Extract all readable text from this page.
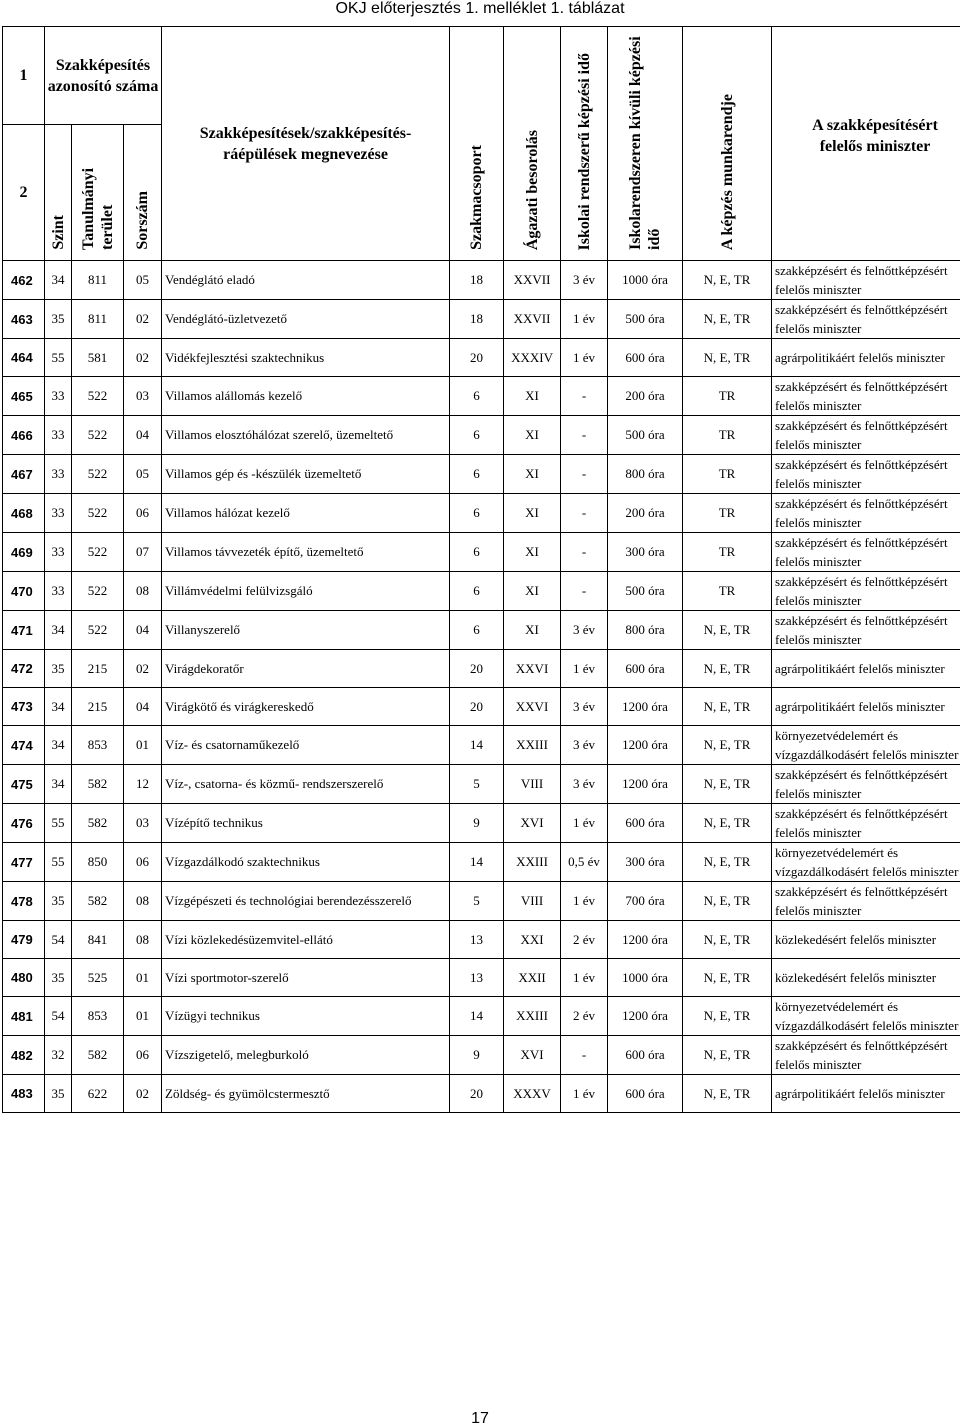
OKJ előterjesztés 1. melléklet 1. táblázat
1	Szakképesítés azonosító száma			Szakképesítések/szakképesítés-ráépülések megnevezése	Szakmacsoport	Ágazati besorolás	Iskolai rendszerű képzési idő	Iskolarendszeren kívüli képzési idő	A képzés munkarendje	A szakképesítésért felelős miniszter
2	Szint	Tanulmányi terület	Sorszám							
462	34	811	05	Vendéglátó eladó	18	XXVII	3 év	1000 óra	N, E, TR	szakképzésért és felnőttképzésért felelős miniszter
463	35	811	02	Vendéglátó-üzletvezető	18	XXVII	1 év	500 óra	N, E, TR	szakképzésért és felnőttképzésért felelős miniszter
464	55	581	02	Vidékfejlesztési szaktechnikus	20	XXXIV	1 év	600 óra	N, E, TR	agrárpolitikáért felelős miniszter
465	33	522	03	Villamos alállomás kezelő	6	XI	-	200 óra	TR	szakképzésért és felnőttképzésért felelős miniszter
466	33	522	04	Villamos elosztóhálózat szerelő, üzemeltető	6	XI	-	500 óra	TR	szakképzésért és felnőttképzésért felelős miniszter
467	33	522	05	Villamos gép és -készülék üzemeltető	6	XI	-	800 óra	TR	szakképzésért és felnőttképzésért felelős miniszter
468	33	522	06	Villamos hálózat kezelő	6	XI	-	200 óra	TR	szakképzésért és felnőttképzésért felelős miniszter
469	33	522	07	Villamos távvezeték építő, üzemeltető	6	XI	-	300 óra	TR	szakképzésért és felnőttképzésért felelős miniszter
470	33	522	08	Villámvédelmi felülvizsgáló	6	XI	-	500 óra	TR	szakképzésért és felnőttképzésért felelős miniszter
471	34	522	04	Villanyszerelő	6	XI	3 év	800 óra	N, E, TR	szakképzésért és felnőttképzésért felelős miniszter
472	35	215	02	Virágdekoratőr	20	XXVI	1 év	600 óra	N, E, TR	agrárpolitikáért felelős miniszter
473	34	215	04	Virágkötő és virágkereskedő	20	XXVI	3 év	1200 óra	N, E, TR	agrárpolitikáért felelős miniszter
474	34	853	01	Víz- és csatornaműkezelő	14	XXIII	3 év	1200 óra	N, E, TR	környezetvédelemért és vízgazdálkodásért felelős miniszter
475	34	582	12	Víz-, csatorna- és közmű- rendszerszerelő	5	VIII	3 év	1200 óra	N, E, TR	szakképzésért és felnőttképzésért felelős miniszter
476	55	582	03	Vízépítő technikus	9	XVI	1 év	600 óra	N, E, TR	szakképzésért és felnőttképzésért felelős miniszter
477	55	850	06	Vízgazdálkodó szaktechnikus	14	XXIII	0,5 év	300 óra	N, E, TR	környezetvédelemért és vízgazdálkodásért felelős miniszter
478	35	582	08	Vízgépészeti és technológiai berendezésszerelő	5	VIII	1 év	700 óra	N, E, TR	szakképzésért és felnőttképzésért felelős miniszter
479	54	841	08	Vízi közlekedésüzemvitel-ellátó	13	XXI	2 év	1200 óra	N, E, TR	közlekedésért felelős miniszter
480	35	525	01	Vízi sportmotor-szerelő	13	XXII	1 év	1000 óra	N, E, TR	közlekedésért felelős miniszter
481	54	853	01	Vízügyi technikus	14	XXIII	2 év	1200 óra	N, E, TR	környezetvédelemért és vízgazdálkodásért felelős miniszter
482	32	582	06	Vízszigetelő, melegburkoló	9	XVI	-	600 óra	N, E, TR	szakképzésért és felnőttképzésért felelős miniszter
483	35	622	02	Zöldség- és gyümölcstermesztő	20	XXXV	1 év	600 óra	N, E, TR	agrárpolitikáért felelős miniszter
17
